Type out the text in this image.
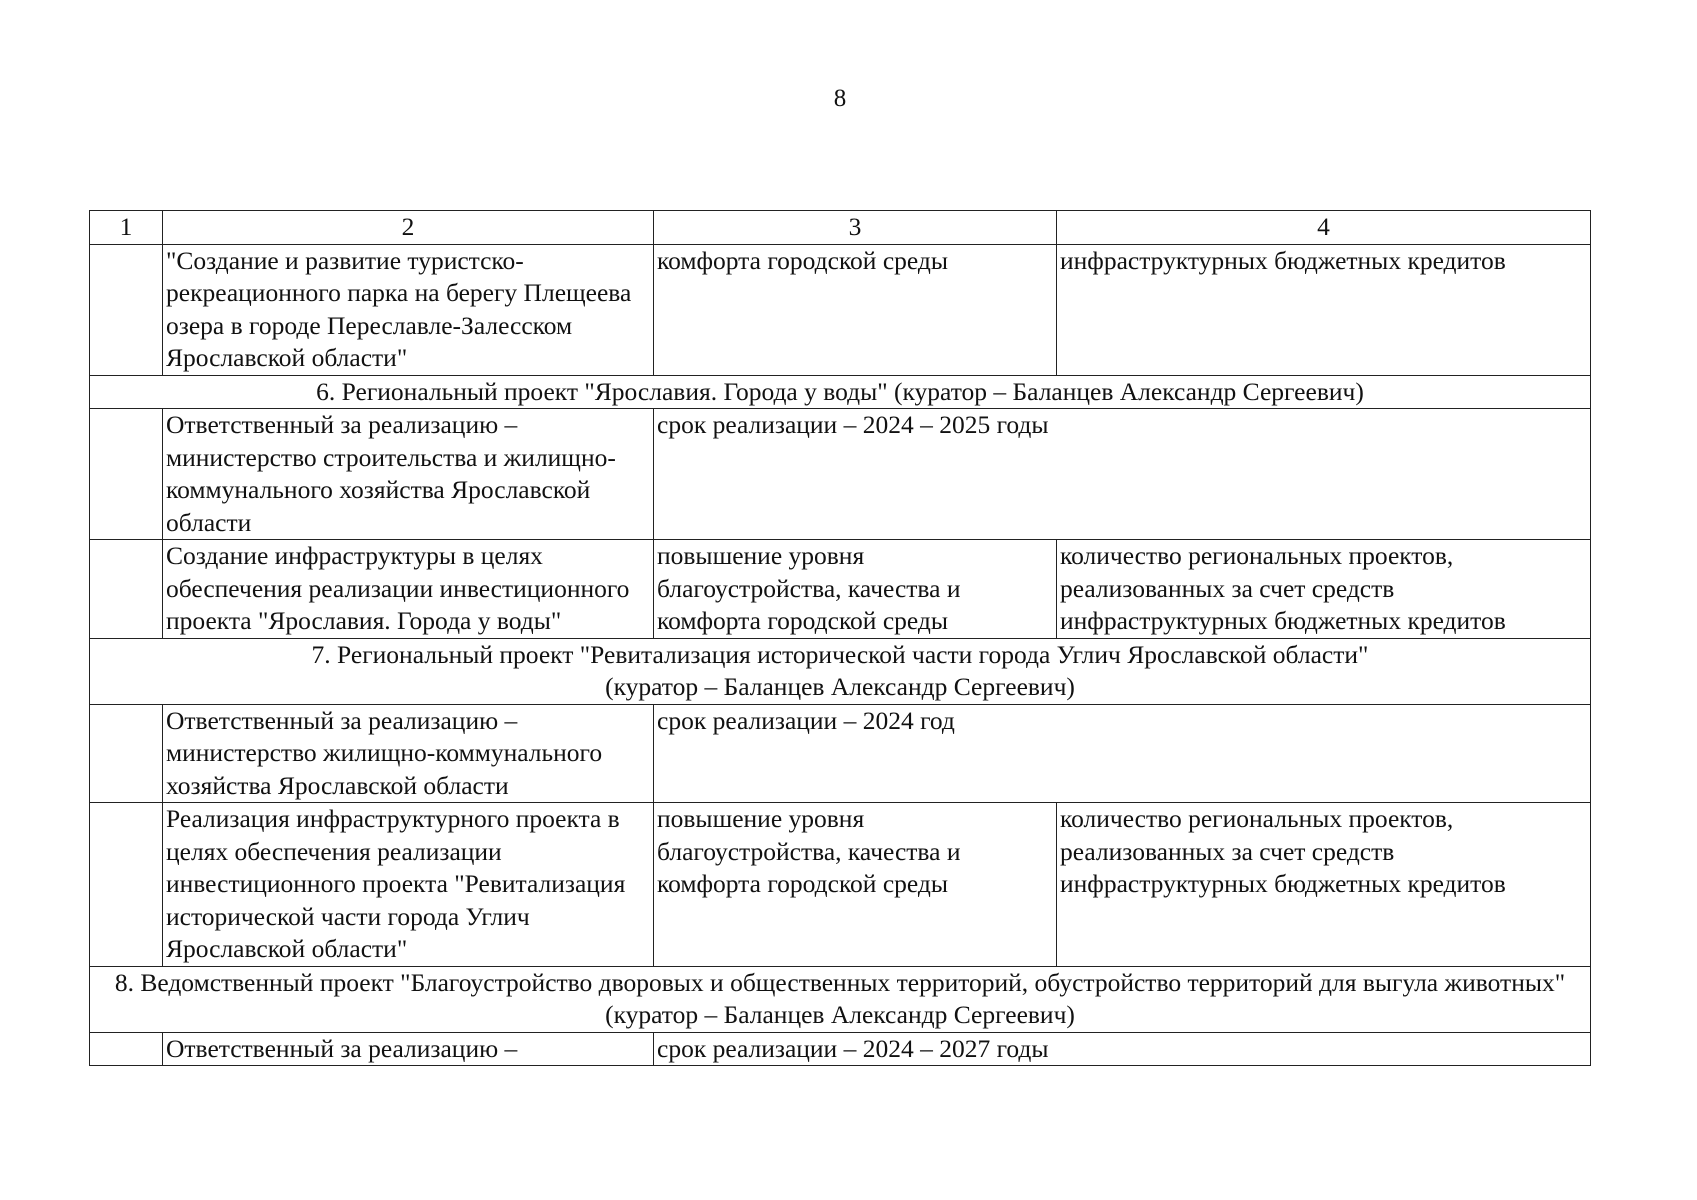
8
1	2	3	4
	"Создание и развитие туристско-рекреационного парка на берегу Плещеева озера в городе Переславле-Залесском Ярославской области"	комфорта городской среды	инфраструктурных бюджетных кредитов
6. Региональный проект "Ярославия. Города у воды" (куратор – Баланцев Александр Сергеевич)			
	Ответственный за реализацию – министерство строительства и жилищно-коммунального хозяйства Ярославской области	срок реализации – 2024 – 2025 годы	
	Создание инфраструктуры в целях обеспечения реализации инвестиционного проекта "Ярославия. Города у воды"	повышение уровня благоустройства, качества и комфорта городской среды	количество региональных проектов, реализованных за счет средств инфраструктурных бюджетных кредитов

7. Региональный проект "Ревитализация исторической части города Углич Ярославской области"
(куратор – Баланцев Александр Сергеевич)			

	Ответственный за реализацию – министерство жилищно-коммунального хозяйства Ярославской области	срок реализации – 2024 год	
	Реализация инфраструктурного проекта в целях обеспечения реализации инвестиционного проекта "Ревитализация исторической части города Углич Ярославской области"	повышение уровня благоустройства, качества и комфорта городской среды	количество региональных проектов, реализованных за счет средств инфраструктурных бюджетных кредитов
8. Ведомственный проект "Благоустройство дворовых и общественных территорий, обустройство территорий для выгула животных" (куратор – Баланцев Александр Сергеевич)			
	Ответственный за реализацию –	срок реализации – 2024 – 2027 годы	
